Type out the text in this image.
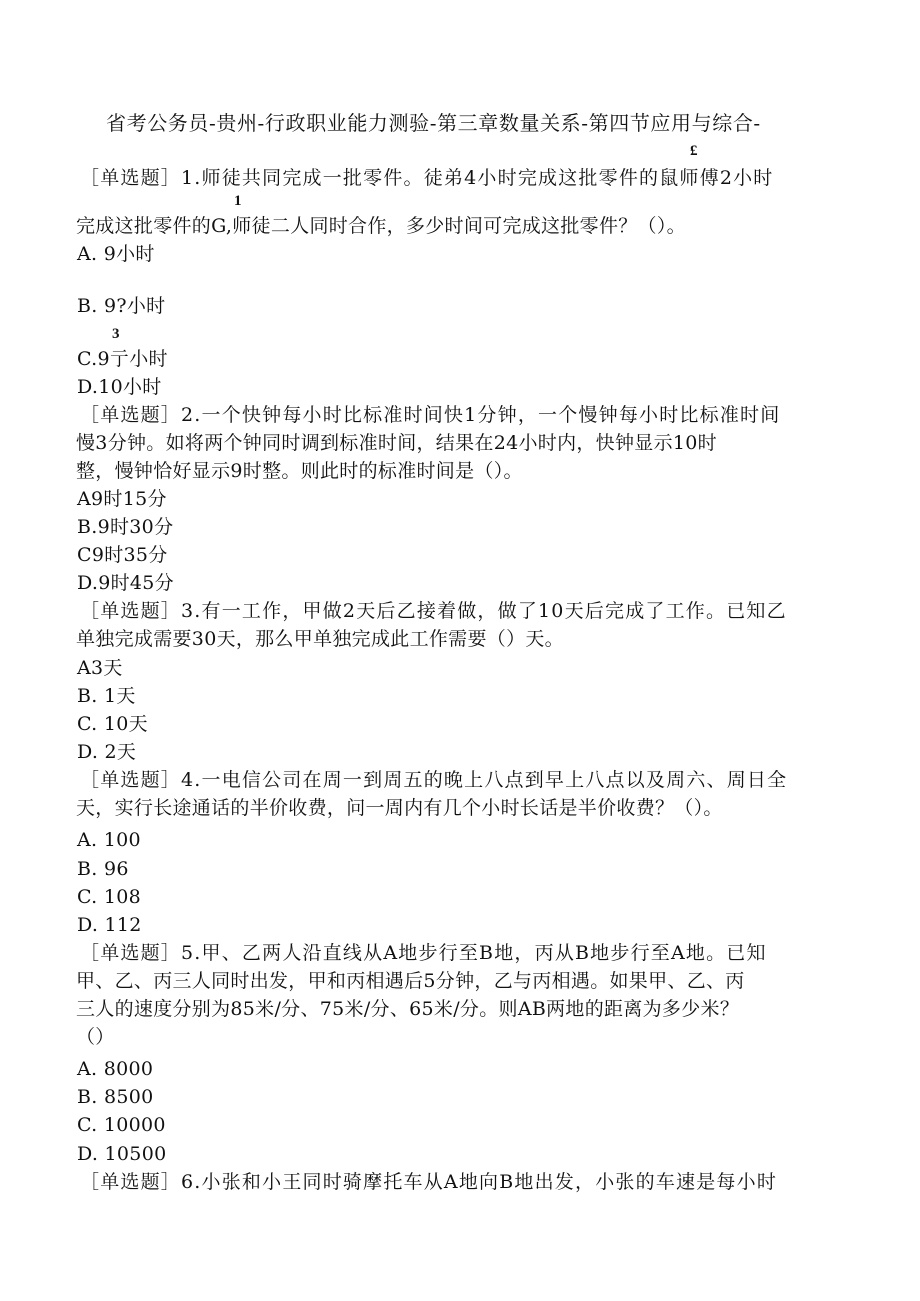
省考公务员-贵州-行政职业能力测验-第三章数量关系-第四节应用与综合-
£
［单选题］1.师徒共同完成一批零件。徒弟4小时完成这批零件的鼠师傅2小时
1
完成这批零件的G,师徒二人同时合作，多少时间可完成这批零件？（）。
A. 9小时
B. 9?小时
3
C.9亍小时
D.10小时
［单选题］2.一个快钟每小时比标准时间快1分钟，一个慢钟每小时比标准时间
慢3分钟。如将两个钟同时调到标准时间，结果在24小时内，快钟显示10时
整，慢钟恰好显示9时整。则此时的标准时间是（）。
A9时15分
B.9时30分
C9时35分
D.9时45分
［单选题］3.有一工作，甲做2天后乙接着做，做了10天后完成了工作。已知乙
单独完成需要30天，那么甲单独完成此工作需要（）天。
A3天
B. 1天
C. 10天
D. 2天
［单选题］4.一电信公司在周一到周五的晚上八点到早上八点以及周六、周日全
天，实行长途通话的半价收费，问一周内有几个小时长话是半价收费？（）。
A. 100
B. 96
C. 108
D. 112
［单选题］5.甲、乙两人沿直线从A地步行至B地，丙从B地步行至A地。已知
甲、乙、丙三人同时出发，甲和丙相遇后5分钟，乙与丙相遇。如果甲、乙、丙
三人的速度分别为85米/分、75米/分、65米/分。则AB两地的距离为多少米？
（）
A. 8000
B. 8500
C. 10000
D. 10500
［单选题］6.小张和小王同时骑摩托车从A地向B地出发，小张的车速是每小时
